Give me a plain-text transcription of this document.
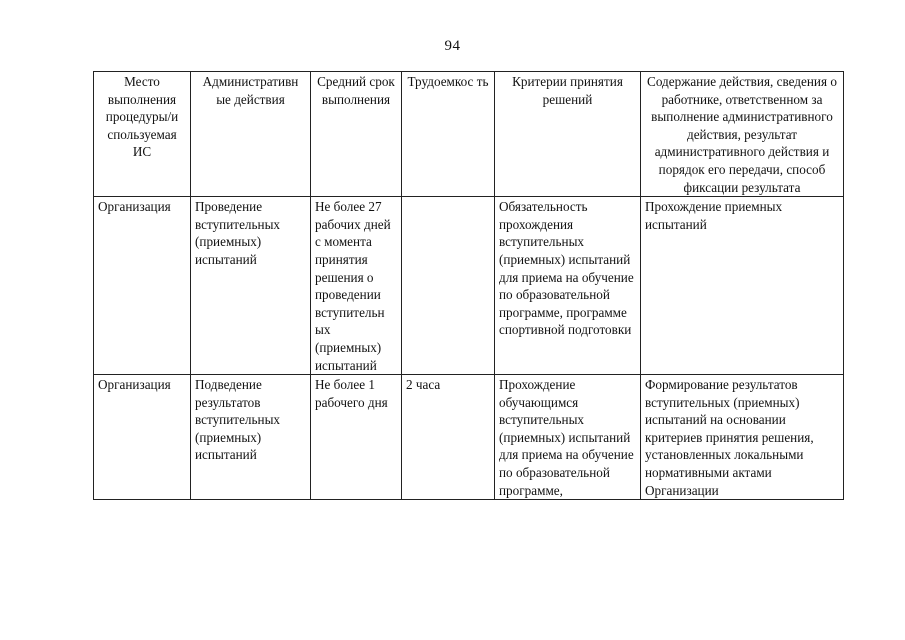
94
Место выполнения процедуры/и спользуемая ИС	Административн ые действия	Средний срок выполнения	Трудоемкос ть	Критерии принятия решений	Содержание действия, сведения о работнике, ответственном за выполнение административного действия, результат административного действия и порядок его передачи, способ фиксации результата
Организация	Проведение вступительных (приемных) испытаний	Не более 27 рабочих дней с момента принятия решения о проведении вступительн ых (приемных) испытаний		Обязательность прохождения вступительных (приемных) испытаний для приема на обучение по образовательной программе, программе спортивной подготовки	Прохождение приемных испытаний
Организация	Подведение результатов вступительных (приемных) испытаний	Не более 1 рабочего дня	2 часа	Прохождение обучающимся вступительных (приемных) испытаний для приема на обучение по образовательной программе,	Формирование результатов вступительных (приемных) испытаний на основании критериев принятия решения, установленных локальными нормативными актами Организации
